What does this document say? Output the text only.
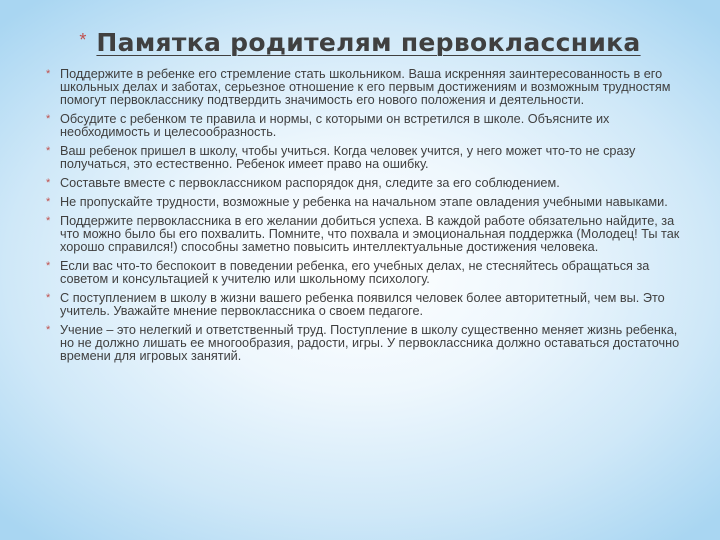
* Памятка родителям первоклассника
* Поддержите в ребенке его стремление стать школьником. Ваша искренняя заинтересованность в его школьных делах и заботах, серьезное отношение к его первым достижениям и возможным трудностям помогут первокласснику подтвердить значимость его нового положения и деятельности.
* Обсудите с ребенком те правила и нормы, с которыми он встретился в школе. Объясните их необходимость и целесообразность.
* Ваш ребенок пришел в школу, чтобы учиться. Когда человек учится, у него может что-то не сразу получаться, это естественно. Ребенок имеет право на ошибку.
* Составьте вместе с первоклассником распорядок дня, следите за его соблюдением.
* Не пропускайте трудности, возможные у ребенка на начальном этапе овладения учебными навыками.
* Поддержите первоклассника в его желании добиться успеха. В каждой работе обязательно найдите, за что можно было бы его похвалить. Помните, что похвала и эмоциональная поддержка (Молодец! Ты так хорошо справился!) способны заметно повысить интеллектуальные достижения человека.
* Если вас что-то беспокоит в поведении ребенка, его учебных делах, не стесняйтесь обращаться за советом и консультацией к учителю или школьному психологу.
* С поступлением в школу в жизни вашего ребенка появился человек более авторитетный, чем вы. Это учитель. Уважайте мнение первоклассника о своем педагоге.
* Учение – это нелегкий и ответственный труд. Поступление в школу существенно меняет жизнь ребенка, но не должно лишать ее многообразия, радости, игры. У первоклассника должно оставаться достаточно времени для игровых занятий.
